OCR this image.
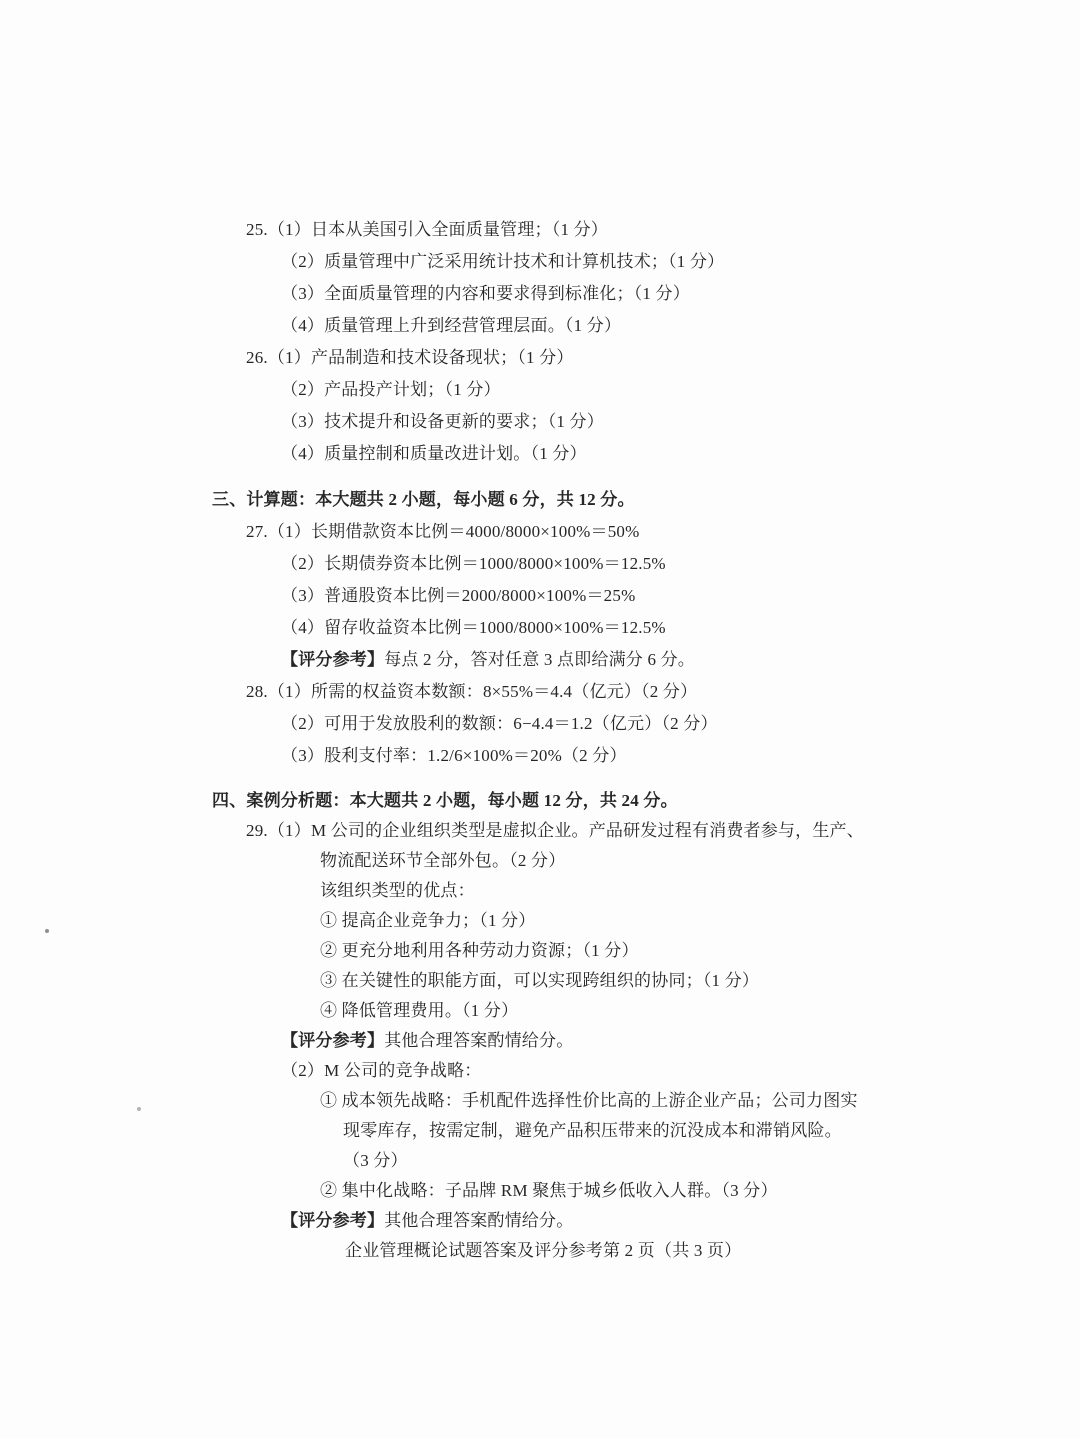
25.（1）日本从美国引入全面质量管理；（1 分）
（2）质量管理中广泛采用统计技术和计算机技术；（1 分）
（3）全面质量管理的内容和要求得到标准化；（1 分）
（4）质量管理上升到经营管理层面。（1 分）
26.（1）产品制造和技术设备现状；（1 分）
（2）产品投产计划；（1 分）
（3）技术提升和设备更新的要求；（1 分）
（4）质量控制和质量改进计划。（1 分）
三、计算题：本大题共 2 小题，每小题 6 分，共 12 分。
27.（1）长期借款资本比例＝4000/8000×100%＝50%
（2）长期债券资本比例＝1000/8000×100%＝12.5%
（3）普通股资本比例＝2000/8000×100%＝25%
（4）留存收益资本比例＝1000/8000×100%＝12.5%
【评分参考】每点 2 分，答对任意 3 点即给满分 6 分。
28.（1）所需的权益资本数额：8×55%＝4.4（亿元）（2 分）
（2）可用于发放股利的数额：6−4.4＝1.2（亿元）（2 分）
（3）股利支付率：1.2/6×100%＝20%（2 分）
四、案例分析题：本大题共 2 小题，每小题 12 分，共 24 分。
29.（1）M 公司的企业组织类型是虚拟企业。产品研发过程有消费者参与，生产、
物流配送环节全部外包。（2 分）
该组织类型的优点：
① 提高企业竞争力；（1 分）
② 更充分地利用各种劳动力资源；（1 分）
③ 在关键性的职能方面，可以实现跨组织的协同；（1 分）
④ 降低管理费用。（1 分）
【评分参考】其他合理答案酌情给分。
（2）M 公司的竞争战略：
① 成本领先战略：手机配件选择性价比高的上游企业产品；公司力图实
现零库存，按需定制，避免产品积压带来的沉没成本和滞销风险。
（3 分）
② 集中化战略：子品牌 RM 聚焦于城乡低收入人群。（3 分）
【评分参考】其他合理答案酌情给分。
企业管理概论试题答案及评分参考第 2 页（共 3 页）
